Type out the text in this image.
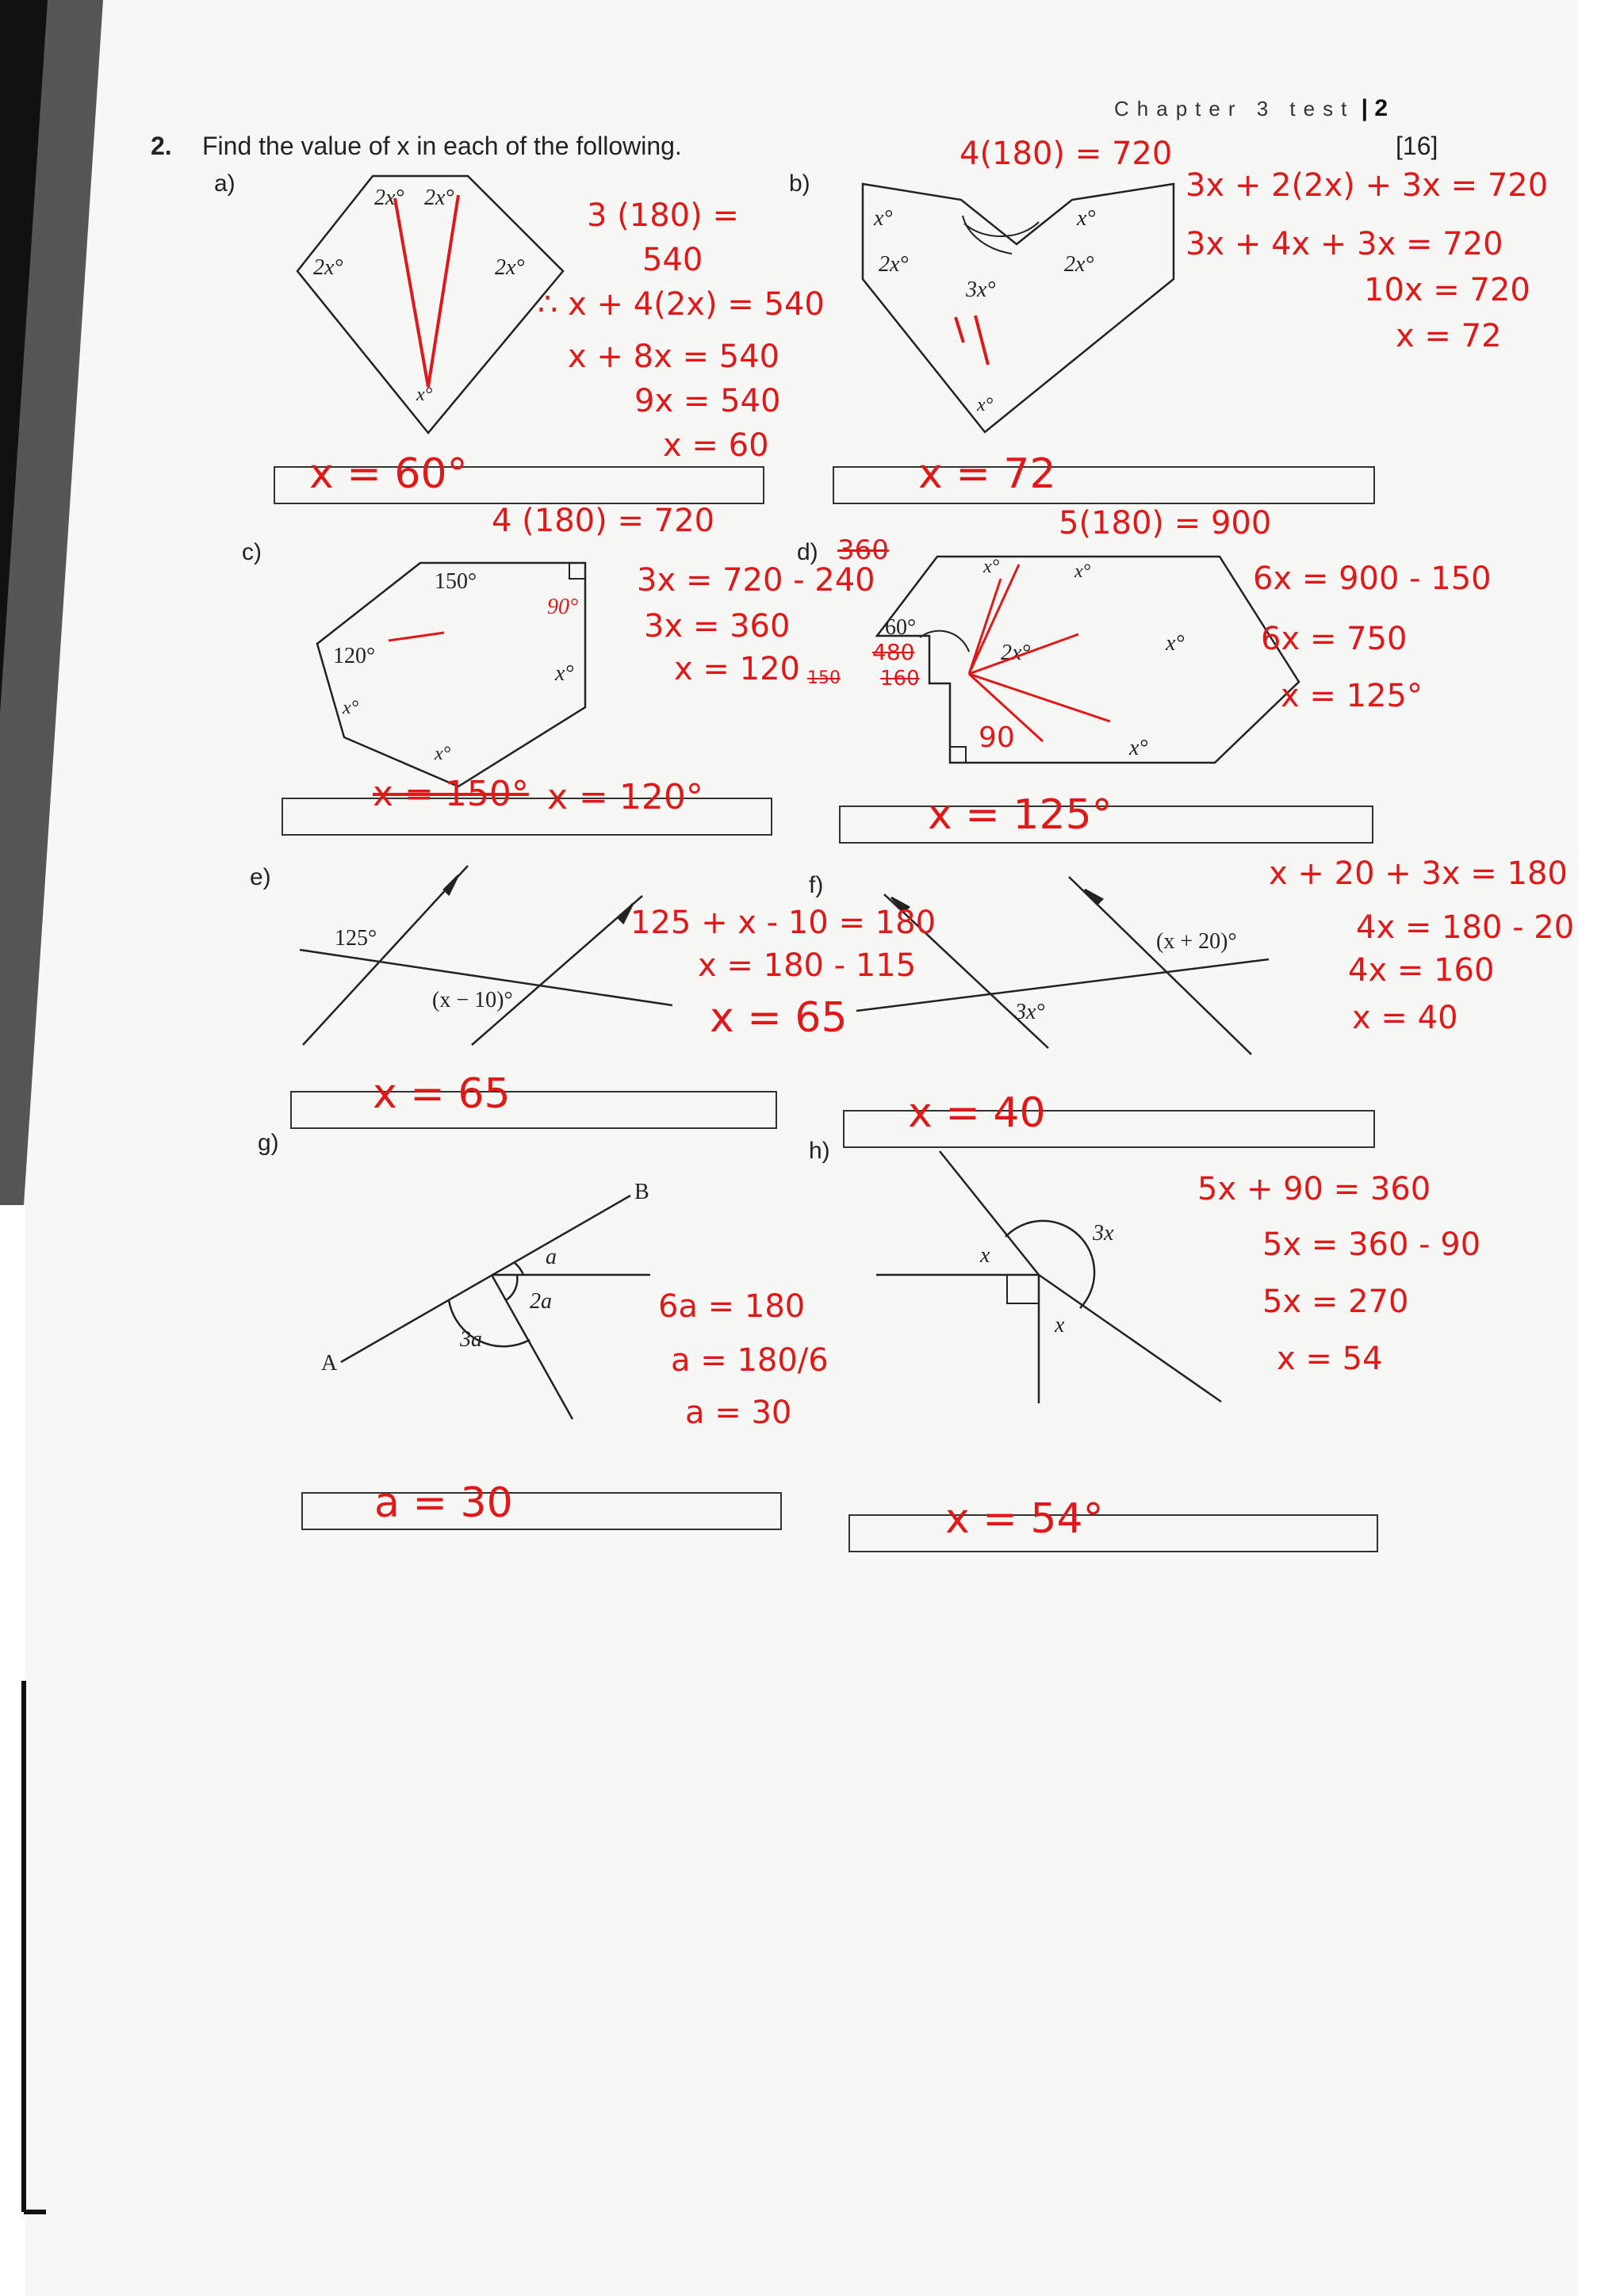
Chapter 3 test | 2
2. Find the value of x in each of the following.	[16]
a)	b)
c)	d)
e)	f)
g)	h)
2x° 2x°
2x°	2x°
x°
x°	x°
2x°	2x°
3x°
x°
150°
90°
x°
120°
x°
x°
x°	x°
60°
2x°	x°
x°
90
125°
(x − 10)°	3x°
(x + 20)°
B
A
a
2a
3a
3x
x
x
3 (180) =
540
∴ x + 4(2x) = 540
x + 8x = 540
9x = 540
x = 60
x = 60°
4(180) = 720
3x + 2(2x) + 3x = 720
3x + 4x + 3x = 720
10x = 720
x = 72
x = 72
4 (180) = 720
3x = 720 - 240
3x = 360
x = 120
360
480
160
150
x = 150° x = 120°
5(180) = 900
6x = 900 - 150
6x = 750
x = 125°
x = 125°
125 + x - 10 = 180
x = 180 - 115
x = 65
x = 65
x + 20 + 3x = 180
4x = 180 - 20
4x = 160
x = 40
x = 40
6a = 180
a = 180/6
a = 30
a = 30
5x + 90 = 360
5x = 360 - 90
5x = 270
x = 54
x = 54°
